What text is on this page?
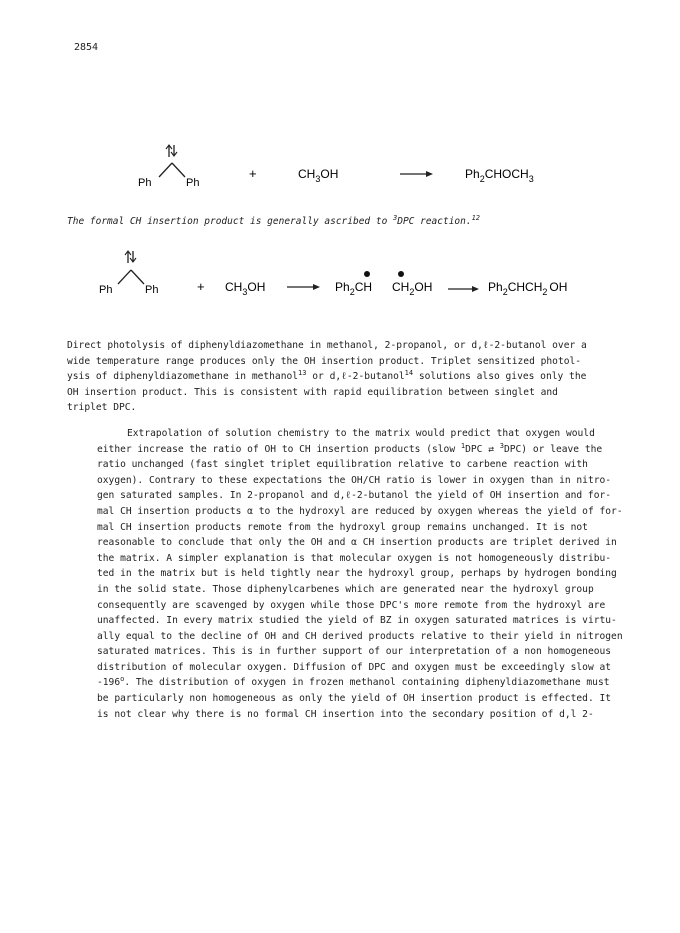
2854
Ph	Ph
+	$CH_3OH$	$Ph_2CHOCH_3$
The formal CH insertion product is generally ascribed to $^3$DPC reaction.$^{12}$
Ph	Ph	+ $CH_3OH$	$Ph_2CH$ $CH_2OH$	$Ph_2CHCH_2$ OH

Direct photolysis of diphenyldiazomethane in methanol, 2-propanol, or d,ℓ-2-butanol over a
wide temperature range produces only the OH insertion product. Triplet sensitized photol-
ysis of diphenyldiazomethane in methanol$^{13}$ or d,ℓ-2-butanol$^{14}$ solutions also gives only the
OH insertion product. This is consistent with rapid equilibration between singlet and
triplet DPC.

Extrapolation of solution chemistry to the matrix would predict that oxygen would
either increase the ratio of OH to CH insertion products (slow $^1$DPC ⇄ $^3$DPC) or leave the
ratio unchanged (fast singlet triplet equilibration relative to carbene reaction with
oxygen). Contrary to these expectations the OH/CH ratio is lower in oxygen than in nitro-
gen saturated samples. In 2-propanol and d,ℓ-2-butanol the yield of OH insertion and for-
mal CH insertion products α to the hydroxyl are reduced by oxygen whereas the yield of for-
mal CH insertion products remote from the hydroxyl group remains unchanged. It is not
reasonable to conclude that only the OH and α CH insertion products are triplet derived in
the matrix. A simpler explanation is that molecular oxygen is not homogeneously distribu-
ted in the matrix but is held tightly near the hydroxyl group, perhaps by hydrogen bonding
in the solid state. Those diphenylcarbenes which are generated near the hydroxyl group
consequently are scavenged by oxygen while those DPC's more remote from the hydroxyl are
unaffected. In every matrix studied the yield of BZ in oxygen saturated matrices is virtu-
ally equal to the decline of OH and CH derived products relative to their yield in nitrogen
saturated matrices. This is in further support of our interpretation of a non homogeneous
distribution of molecular oxygen. Diffusion of DPC and oxygen must be exceedingly slow at
-196$^o$. The distribution of oxygen in frozen methanol containing diphenyldiazomethane must
be particularly non homogeneous as only the yield of OH insertion product is effected. It
is not clear why there is no formal CH insertion into the secondary position of d,l 2-
